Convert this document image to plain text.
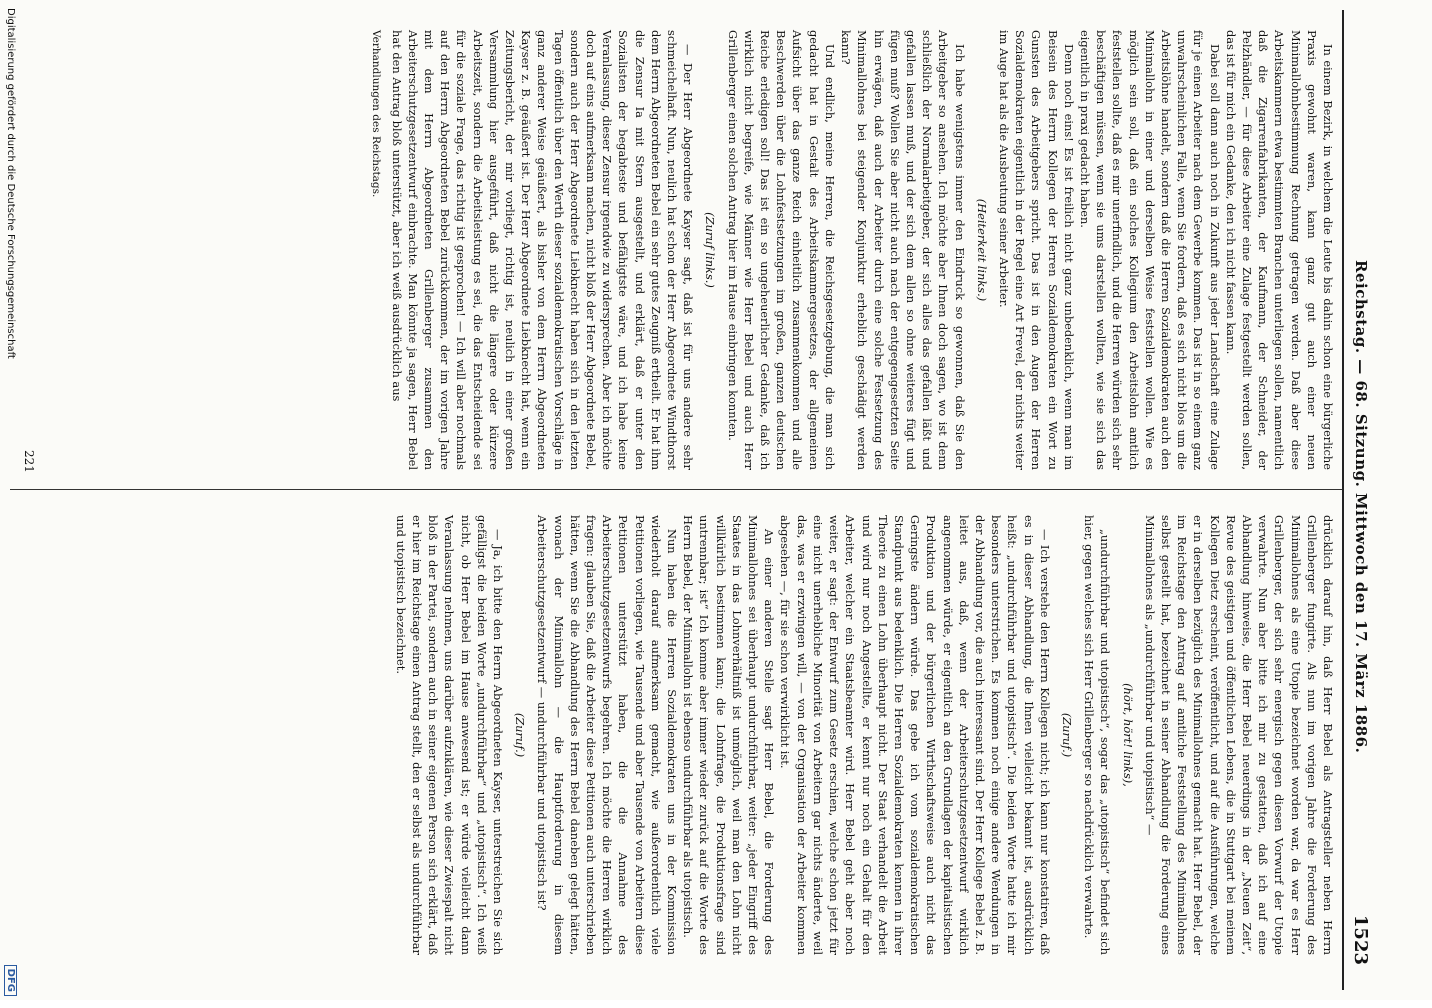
Reichstag. — 68. Sitzung. Mittwoch den 17. März 1886.
1523

In einem Bezirk, in welchem die Leute bis dahin schon eine bürgerliche Praxis gewohnt waren, kann ganz gut auch einer neuen Minimallohnbestimmung Rechnung getragen werden. Daß aber diese Arbeitskammern etwa bestimmten Branchen unterliegen sollen, namentlich daß die Zigarrenfabrikanten, der Kaufmann, der Schneider, der Pelzhändler, — für diese Arbeiter eine Zulage festgestellt werden sollen, das ist für mich ein Gedanke, den ich nicht fassen kann.

Dabei soll dann auch noch in Zukunft aus jeder Landschaft eine Zulage für je einen Arbeiter nach dem Gewerbe kommen. Das ist in so einem ganz unwahrscheinlichen Falle, wenn Sie fordern, daß es sich nicht blos um die Arbeitslöhne handelt, sondern daß die Herren Sozialdemokraten auch den Minimallohn in einer und derselben Weise feststellen wollen. Wie es möglich sein soll, daß ein solches Kollegium den Arbeitslohn amtlich feststellen sollte, daß es mir unerfindlich, und die Herren würden sich sehr beschäftigen müssen, wenn sie ums darstellen wollten, wie sie sich das eigentlich in praxi gedacht haben.

Denn noch eins! Es ist freilich nicht ganz unbedenklich, wenn man im Beisein des Herrn Kollegen der Herren Sozialdemokraten ein Wort zu Gunsten des Arbeitgebers spricht. Das ist in den Augen der Herren Sozialdemokraten eigentlich in der Regel eine Art Frevel, der nichts weiter im Auge hat als die Ausbeutung seiner Arbeiter.

(Heiterkeit links.)

Ich habe wenigstens immer den Eindruck so gewonnen, daß Sie den Arbeitgeber so ansehen. Ich möchte aber Ihnen doch sagen, wo ist denn schließlich der Normalarbeitgeber, der sich alles das gefallen läßt und gefallen lassen muß, und der sich dem allen so ohne weiteres fügt und fügen muß? Wollen Sie aber nicht auch nach der entgegengesetzten Seite hin erwägen, daß auch der Arbeiter durch eine solche Festsetzung des Minimallohnes bei steigender Konjunktur erheblich geschädigt werden kann?

Und endlich, meine Herren, die Reichsgesetzgebung, die man sich gedacht hat in Gestalt des Arbeitskammergesetzes, der allgemeinen Aufsicht über das ganze Reich einheitlich zusammenkommen und alle Beschwerden über die Lohnfestsetzungen im großen, ganzen deutschen Reiche erledigen soll! Das ist ein so ungeheuerlicher Gedanke, daß ich wirklich nicht begreife, wie Männer wie Herr Bebel und auch Herr Grillenberger einen solchen Antrag hier im Hause einbringen konnten.

(Zuruf links.)

— Der Herr Abgeordnete Kayser sagt, daß ist für uns andere sehr schmeichelhaft. Nun, neulich hat schon der Herr Abgeordnete Windthorst dem Herrn Abgeordneten Bebel ein sehr gutes Zeugniß ertheilt. Er hat ihm die Zensur Ia mit Stern ausgestellt, und erklärt, daß er unter den Sozialisten der begabteste und befähigtste wäre, und ich habe keine Veranlassung, dieser Zensur irgendwie zu widersprechen. Aber ich möchte doch auf eins aufmerksam machen, nicht bloß der Herr Abgeordnete Bebel, sondern auch der Herr Abgeordnete Liebknecht haben sich in den letzten Tagen öffentlich über den Werth dieser sozialdemokratischen Vorschläge in ganz anderer Weise geäußert, als bisher von dem Herrn Abgeordneten Kayser z. B. geäußert ist. Der Herr Abgeordnete Liebknecht hat, wenn ein Zeitungsbericht, der mir vorliegt, richtig ist, neulich in einer großen Versammlung hier ausgeführt, daß nicht die längere oder kürzere Arbeitszeit, sondern die Arbeitsleistung es sei, die das Entscheidende sei für die soziale Frage, das richtig ist gesprochen! — Ich will aber nochmals auf den Herrn Abgeordneten Bebel zurückkommen, der im vorigen Jahre mit dem Herrn Abgeordneten Grillenberger zusammen den Arbeiterschutzgesetzentwurf einbrachte. Man könnte ja sagen, Herr Bebel hat den Antrag bloß unterstützt, aber ich weiß ausdrücklich aus

Verhandlungen des Reichstags.

drücklich darauf hin, daß Herr Bebel als Antragsteller neben Herrn Grillenberger fungirte. Als nun im vorigen Jahre die Forderung des Minimallohnes als eine Utopie bezeichnet worden war, da war es Herr Grillenberger, der sich sehr energisch gegen diesen Vorwurf der Utopie verwahrte. Nun aber bitte ich mir zu gestatten, daß ich auf eine Abhandlung hinweise, die Herr Bebel neuerdings in der „Neuen Zeit“, Revue des geistigen und öffentlichen Lebens, die in Stuttgart bei meinem Kollegen Dietz erscheint, veröffentlicht, und auf die Ausführungen, welche er in derselben bezüglich des Minimallohnes gemacht hat. Herr Bebel, der im Reichstage den Antrag auf amtliche Feststellung des Minimallohnes selbst gestellt hat, bezeichnet in seiner Abhandlung die Forderung eines Minimallohnes als „undurchführbar und utopistisch“ —

(hört, hört! links),

„undurchführbar und utopistisch“, sogar das „utopistisch“ befindet sich hier, gegen welches sich Herr Grillenberger so nachdrücklich verwahrte.

(Zuruf.)

— Ich verstehe den Herrn Kollegen nicht; ich kann nur konstatiren, daß es in dieser Abhandlung, die Ihnen vielleicht bekannt ist, ausdrücklich heißt: „undurchführbar und utopistisch“. Die beiden Worte hatte ich mir besonders unterstrichen. Es kommen noch einige andere Wendungen in der Abhandlung vor, die auch interessant sind. Der Herr Kollege Bebel z. B. leitet aus, daß, wenn der Arbeiterschutzgesetzentwurf wirklich angenommen würde, er eigentlich an den Grundlagen der kapitalistischen Produktion und der bürgerlichen Wirthschaftsweise auch nicht das Geringste ändern würde. Das gebe ich vom sozialdemokratischen Standpunkt aus bedenklich. Die Herren Sozialdemokraten kennen in ihrer Theorie zu einen Lohn überhaupt nicht. Der Staat verhandelt die Arbeit und wird nur noch Angestellte, er kennt nur noch ein Gehalt für den Arbeiter, welcher ein Staatsbeamter wird. Herr Bebel geht aber noch weiter, er sagt: der Entwurf zum Gesetz erschien, welche schon jetzt für eine nicht unerhebliche Minorität von Arbeitern gar nichts änderte, weil das, was er erzwingen will, — von der Organisation der Arbeiter kommen abgesehen —, für sie schon verwirklicht ist.

An einer anderen Stelle sagt Herr Bebel, die Forderung des Minimallohnes sei überhaupt undurchführbar, weiter: „jeder Eingriff des Staates in das Lohnverhältniß ist unmöglich, weil man den Lohn nicht willkürlich bestimmen kann; die Lohnfrage, die Produktionsfrage sind untrennbar; ist“ Ich komme aber immer wieder zurück auf die Worte des Herrn Bebel, der Minimallohn ist ebenso undurchführbar als utopistisch.

Nun haben die Herren Sozialdemokraten uns in der Kommission wiederholt darauf aufmerksam gemacht, wie außerordentlich viele Petitionen vorliegen, wie Tausende und aber Tausende von Arbeitern diese Petitionen unterstützt haben, die die Annahme des Arbeiterschutzgesetzentwurfs begehren. Ich möchte die Herren wirklich fragen: glauben Sie, daß die Arbeiter diese Petitionen auch unterschrieben hätten, wenn Sie die Abhandlung des Herrn Bebel daneben gelegt hätten, wonach der Minimallohn — die Hauptforderung in diesem Arbeiterschutzgesetzentwurf — undurchführbar und utopistisch ist?

(Zuruf.)

— Ja, ich bitte den Herrn Abgeordneten Kayser, unterstreichen Sie sich gefälligst die beiden Worte „undurchführbar“ und „utopistisch“. Ich weiß nicht, ob Herr Bebel im Hause anwesend ist; er würde vielleicht dann Veranlassung nehmen, uns darüber aufzuklären, wie dieser Zwiespalt nicht bloß in der Partei, sondern auch in seiner eigenen Person sich erklärt, daß er hier im Reichstage einen Antrag stellt, den er selbst als undurchführbar und utopistisch bezeichnet.

221
Digitalisierung gefördert durch die Deutsche Forschungsgemeinschaft
DFG
